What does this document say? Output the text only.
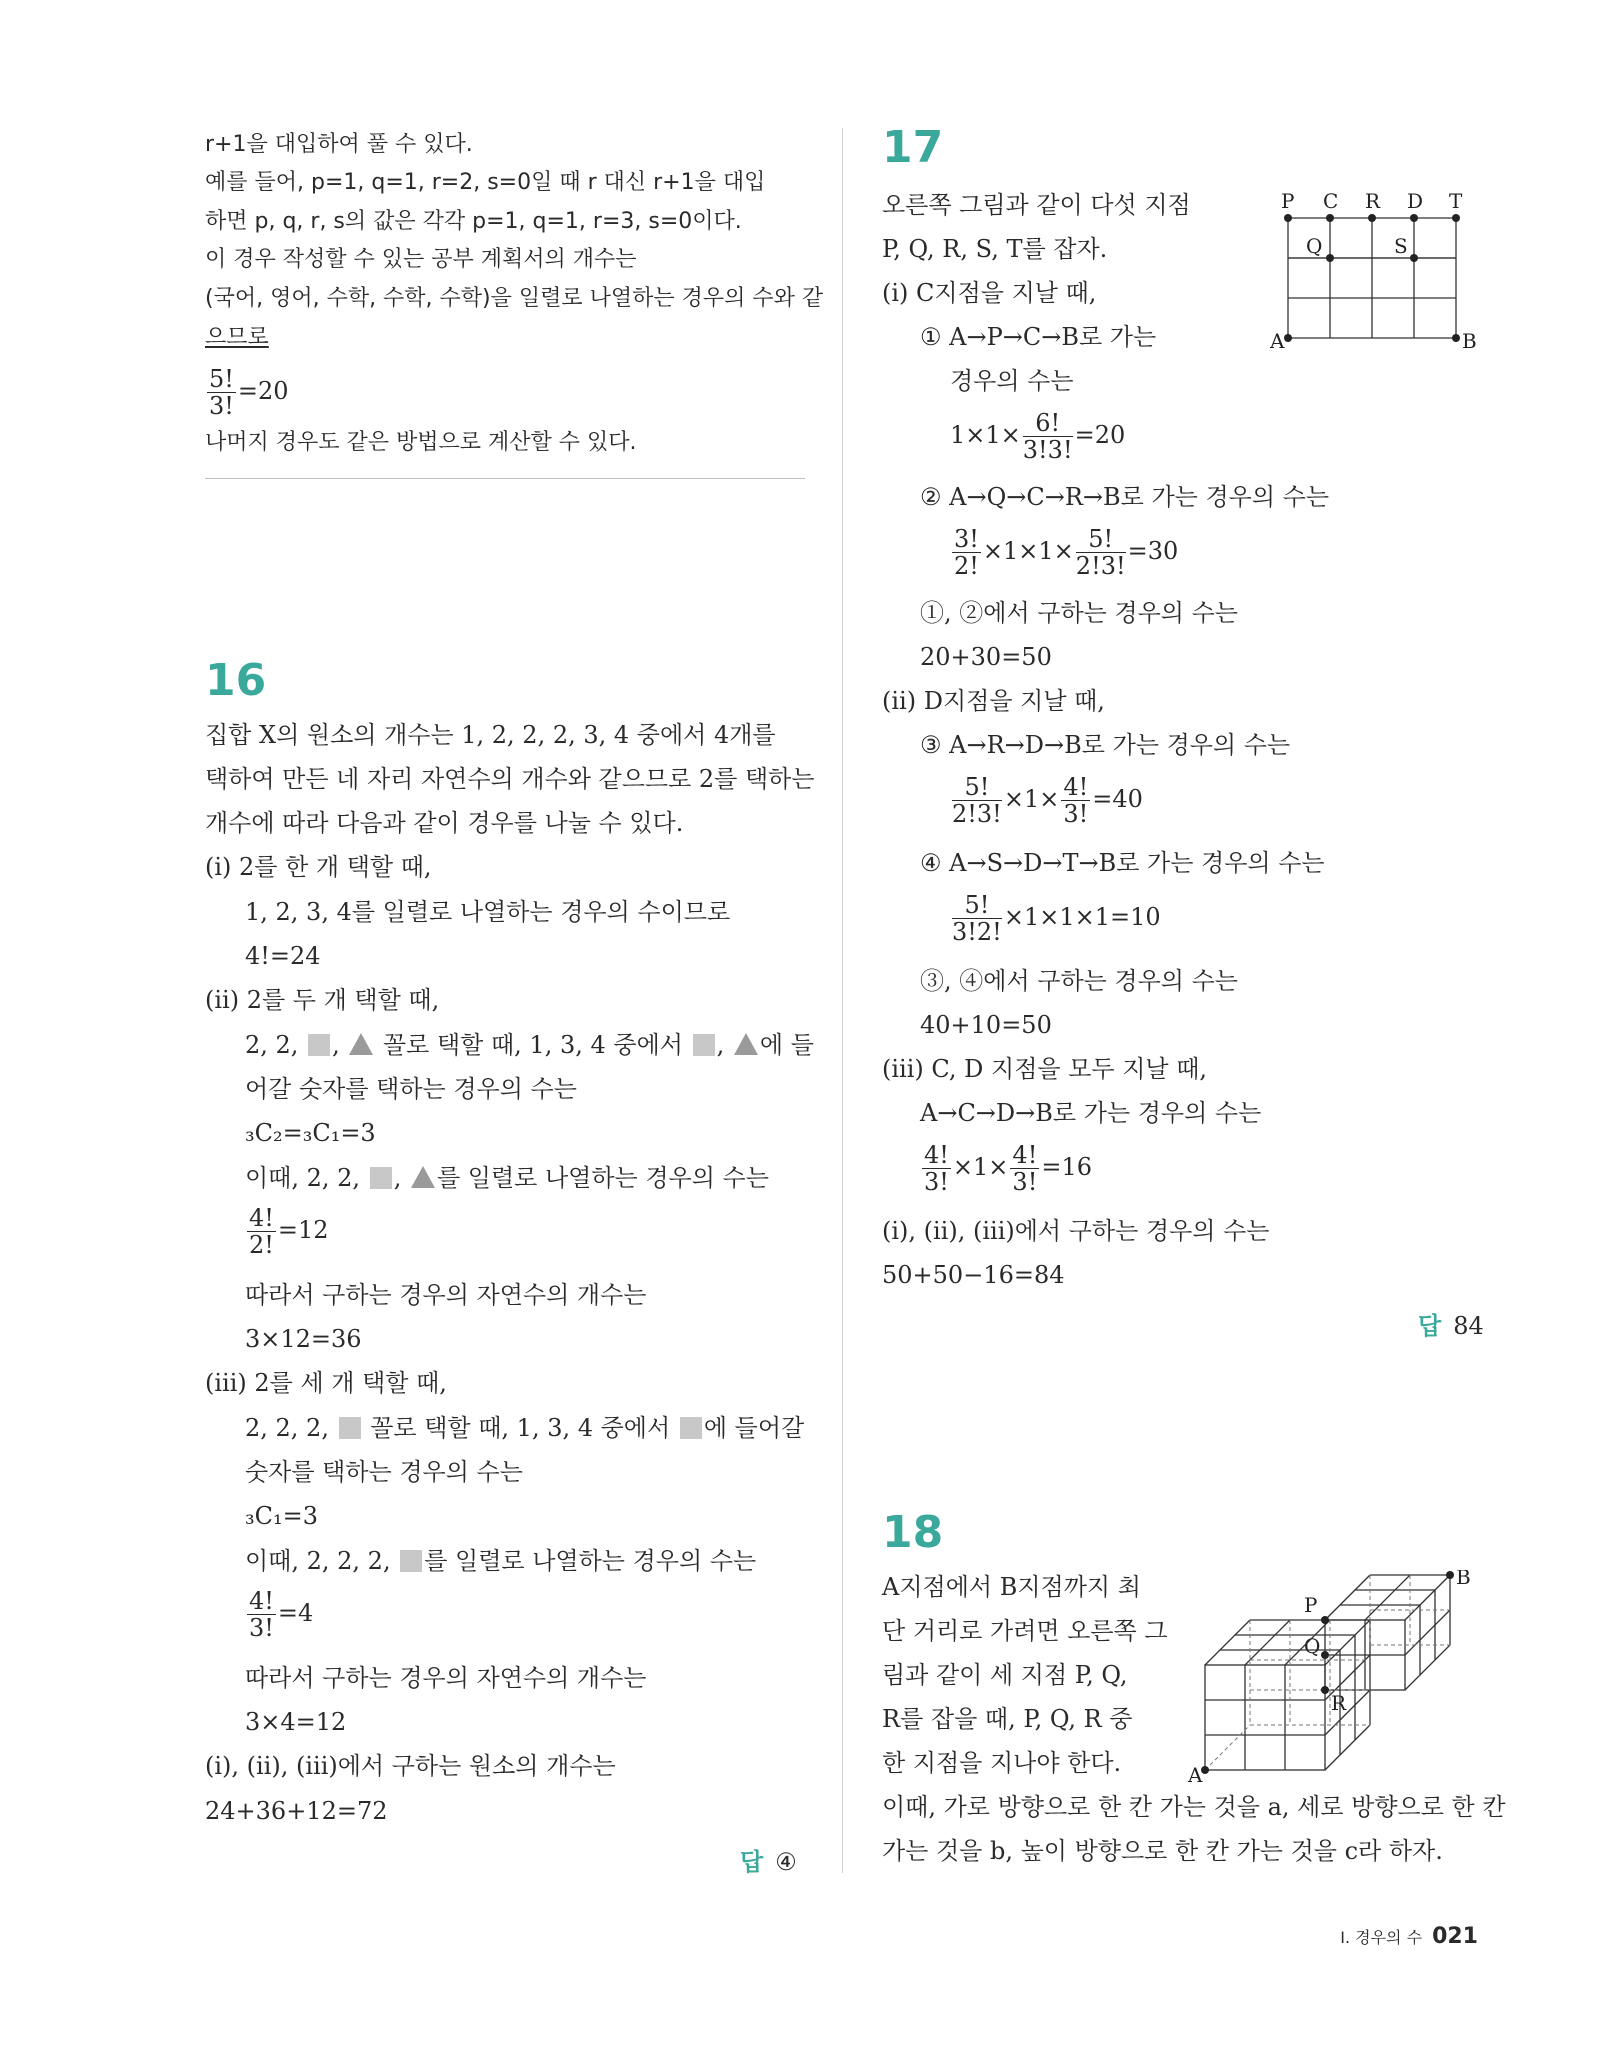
r+1을 대입하여 풀 수 있다.
예를 들어, p=1, q=1, r=2, s=0일 때 r 대신 r+1을 대입
하면 p, q, r, s의 값은 각각 p=1, q=1, r=3, s=0이다.
이 경우 작성할 수 있는 공부 계획서의 개수는
(국어, 영어, 수학, 수학, 수학)을 일렬로 나열하는 경우의 수와 같
으므로
$\frac{5!}{3!} =20$
나머지 경우도 같은 방법으로 계산할 수 있다.
16
집합 X의 원소의 개수는 1, 2, 2, 2, 3, 4 중에서 4개를
택하여 만든 네 자리 자연수의 개수와 같으므로 2를 택하는
개수에 따라 다음과 같이 경우를 나눌 수 있다.
(ⅰ) 2를 한 개 택할 때,
1, 2, 3, 4를 일렬로 나열하는 경우의 수이므로
4!=24
(ⅱ) 2를 두 개 택할 때,
2, 2, , 꼴로 택할 때, 1, 3, 4 중에서 , 에 들
어갈 숫자를 택하는 경우의 수는
₃C₂=₃C₁=3
이때, 2, 2, , 를 일렬로 나열하는 경우의 수는
$\frac{4!}{2!} =12$
따라서 구하는 경우의 자연수의 개수는
3×12=36
(ⅲ) 2를 세 개 택할 때,
2, 2, 2, 꼴로 택할 때, 1, 3, 4 중에서 에 들어갈
숫자를 택하는 경우의 수는
₃C₁=3
이때, 2, 2, 2, 를 일렬로 나열하는 경우의 수는
$\frac{4!}{3!} =4$
따라서 구하는 경우의 자연수의 개수는
3×4=12
(ⅰ), (ⅱ), (ⅲ)에서 구하는 원소의 개수는
24+36+12=72
답 ④
17
오른쪽 그림과 같이 다섯 지점
P, Q, R, S, T를 잡자.
P C R D T
Q	S
A	B
(ⅰ) C지점을 지날 때,
① A→P→C→B로 가는
경우의 수는
$1\times 1\times \frac{6!}{3!3!} =20$
② A→Q→C→R→B로 가는 경우의 수는
$\frac{3!}{2!} \times 1\times 1\times \frac{5!}{2!3!} =30$
①, ②에서 구하는 경우의 수는
20+30=50
(ⅱ) D지점을 지날 때,
③ A→R→D→B로 가는 경우의 수는
$\frac{5!}{2!3!} \times 1\times \frac{4!}{3!} =40$
④ A→S→D→T→B로 가는 경우의 수는
$\frac{5!}{3!2!} \times 1\times 1\times 1=10$
③, ④에서 구하는 경우의 수는
40+10=50
(ⅲ) C, D 지점을 모두 지날 때,
A→C→D→B로 가는 경우의 수는
$\frac{4!}{3!} \times 1\times \frac{4!}{3!} =16$
(ⅰ), (ⅱ), (ⅲ)에서 구하는 경우의 수는
50+50−16=84
답 84
18
A지점에서 B지점까지 최
단 거리로 가려면 오른쪽 그
림과 같이 세 지점 P, Q,
R를 잡을 때, P, Q, R 중
한 지점을 지나야 한다.
이때, 가로 방향으로 한 칸 가는 것을 a, 세로 방향으로 한 칸
가는 것을 b, 높이 방향으로 한 칸 가는 것을 c라 하자.
A
B
P
Q
R
Ⅰ. 경우의 수 021
